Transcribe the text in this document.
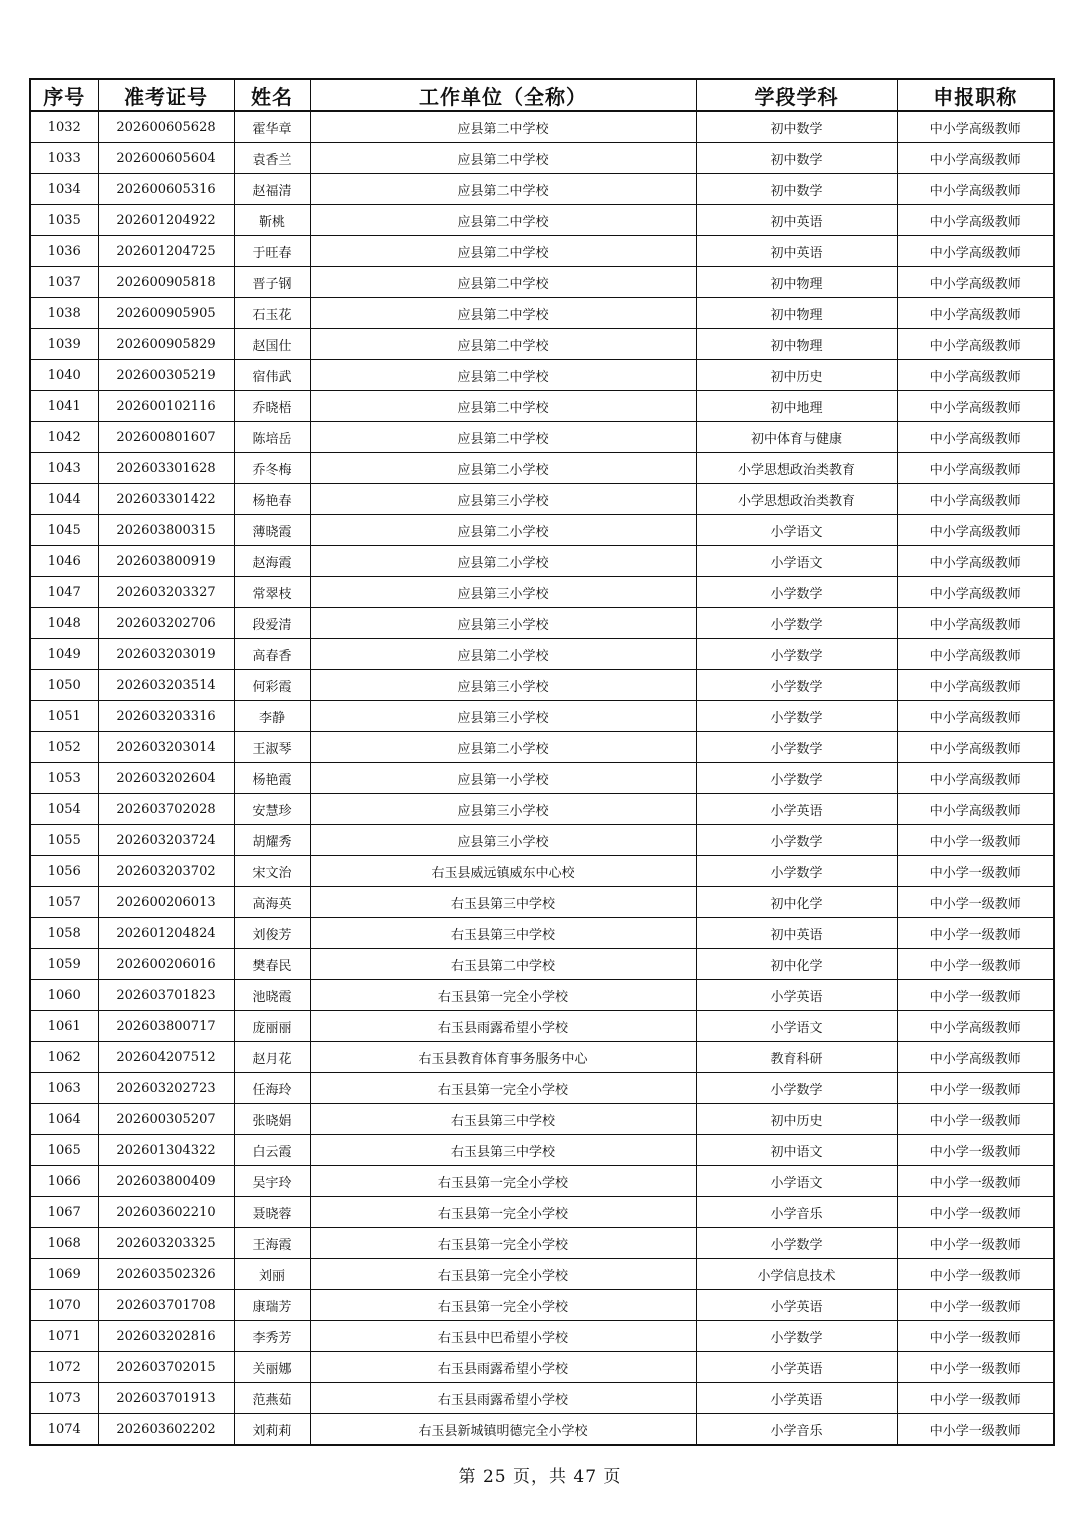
序号	准考证号	姓名	工作单位（全称）	学段学科	申报职称
1032	202600605628	霍华章	应县第二中学校	初中数学	中小学高级教师
1033	202600605604	袁香兰	应县第二中学校	初中数学	中小学高级教师
1034	202600605316	赵福清	应县第二中学校	初中数学	中小学高级教师
1035	202601204922	靳桃	应县第二中学校	初中英语	中小学高级教师
1036	202601204725	于旺春	应县第二中学校	初中英语	中小学高级教师
1037	202600905818	晋子钢	应县第二中学校	初中物理	中小学高级教师
1038	202600905905	石玉花	应县第二中学校	初中物理	中小学高级教师
1039	202600905829	赵国仕	应县第二中学校	初中物理	中小学高级教师
1040	202600305219	宿伟武	应县第二中学校	初中历史	中小学高级教师
1041	202600102116	乔晓梧	应县第二中学校	初中地理	中小学高级教师
1042	202600801607	陈培岳	应县第二中学校	初中体育与健康	中小学高级教师
1043	202603301628	乔冬梅	应县第二小学校	小学思想政治类教育	中小学高级教师
1044	202603301422	杨艳春	应县第三小学校	小学思想政治类教育	中小学高级教师
1045	202603800315	薄晓霞	应县第二小学校	小学语文	中小学高级教师
1046	202603800919	赵海霞	应县第二小学校	小学语文	中小学高级教师
1047	202603203327	常翠枝	应县第三小学校	小学数学	中小学高级教师
1048	202603202706	段爱清	应县第三小学校	小学数学	中小学高级教师
1049	202603203019	高春香	应县第二小学校	小学数学	中小学高级教师
1050	202603203514	何彩霞	应县第三小学校	小学数学	中小学高级教师
1051	202603203316	李静	应县第三小学校	小学数学	中小学高级教师
1052	202603203014	王淑琴	应县第二小学校	小学数学	中小学高级教师
1053	202603202604	杨艳霞	应县第一小学校	小学数学	中小学高级教师
1054	202603702028	安慧珍	应县第三小学校	小学英语	中小学高级教师
1055	202603203724	胡耀秀	应县第三小学校	小学数学	中小学一级教师
1056	202603203702	宋文治	右玉县威远镇威东中心校	小学数学	中小学一级教师
1057	202600206013	高海英	右玉县第三中学校	初中化学	中小学一级教师
1058	202601204824	刘俊芳	右玉县第三中学校	初中英语	中小学一级教师
1059	202600206016	樊春民	右玉县第二中学校	初中化学	中小学一级教师
1060	202603701823	池晓霞	右玉县第一完全小学校	小学英语	中小学一级教师
1061	202603800717	庞丽丽	右玉县雨露希望小学校	小学语文	中小学高级教师
1062	202604207512	赵月花	右玉县教育体育事务服务中心	教育科研	中小学高级教师
1063	202603202723	任海玲	右玉县第一完全小学校	小学数学	中小学一级教师
1064	202600305207	张晓娟	右玉县第三中学校	初中历史	中小学一级教师
1065	202601304322	白云霞	右玉县第三中学校	初中语文	中小学一级教师
1066	202603800409	吴宇玲	右玉县第一完全小学校	小学语文	中小学一级教师
1067	202603602210	聂晓蓉	右玉县第一完全小学校	小学音乐	中小学一级教师
1068	202603203325	王海霞	右玉县第一完全小学校	小学数学	中小学一级教师
1069	202603502326	刘丽	右玉县第一完全小学校	小学信息技术	中小学一级教师
1070	202603701708	康瑞芳	右玉县第一完全小学校	小学英语	中小学一级教师
1071	202603202816	李秀芳	右玉县中巴希望小学校	小学数学	中小学一级教师
1072	202603702015	关丽娜	右玉县雨露希望小学校	小学英语	中小学一级教师
1073	202603701913	范燕茹	右玉县雨露希望小学校	小学英语	中小学一级教师
1074	202603602202	刘莉莉	右玉县新城镇明德完全小学校	小学音乐	中小学一级教师
第 25 页，共 47 页
